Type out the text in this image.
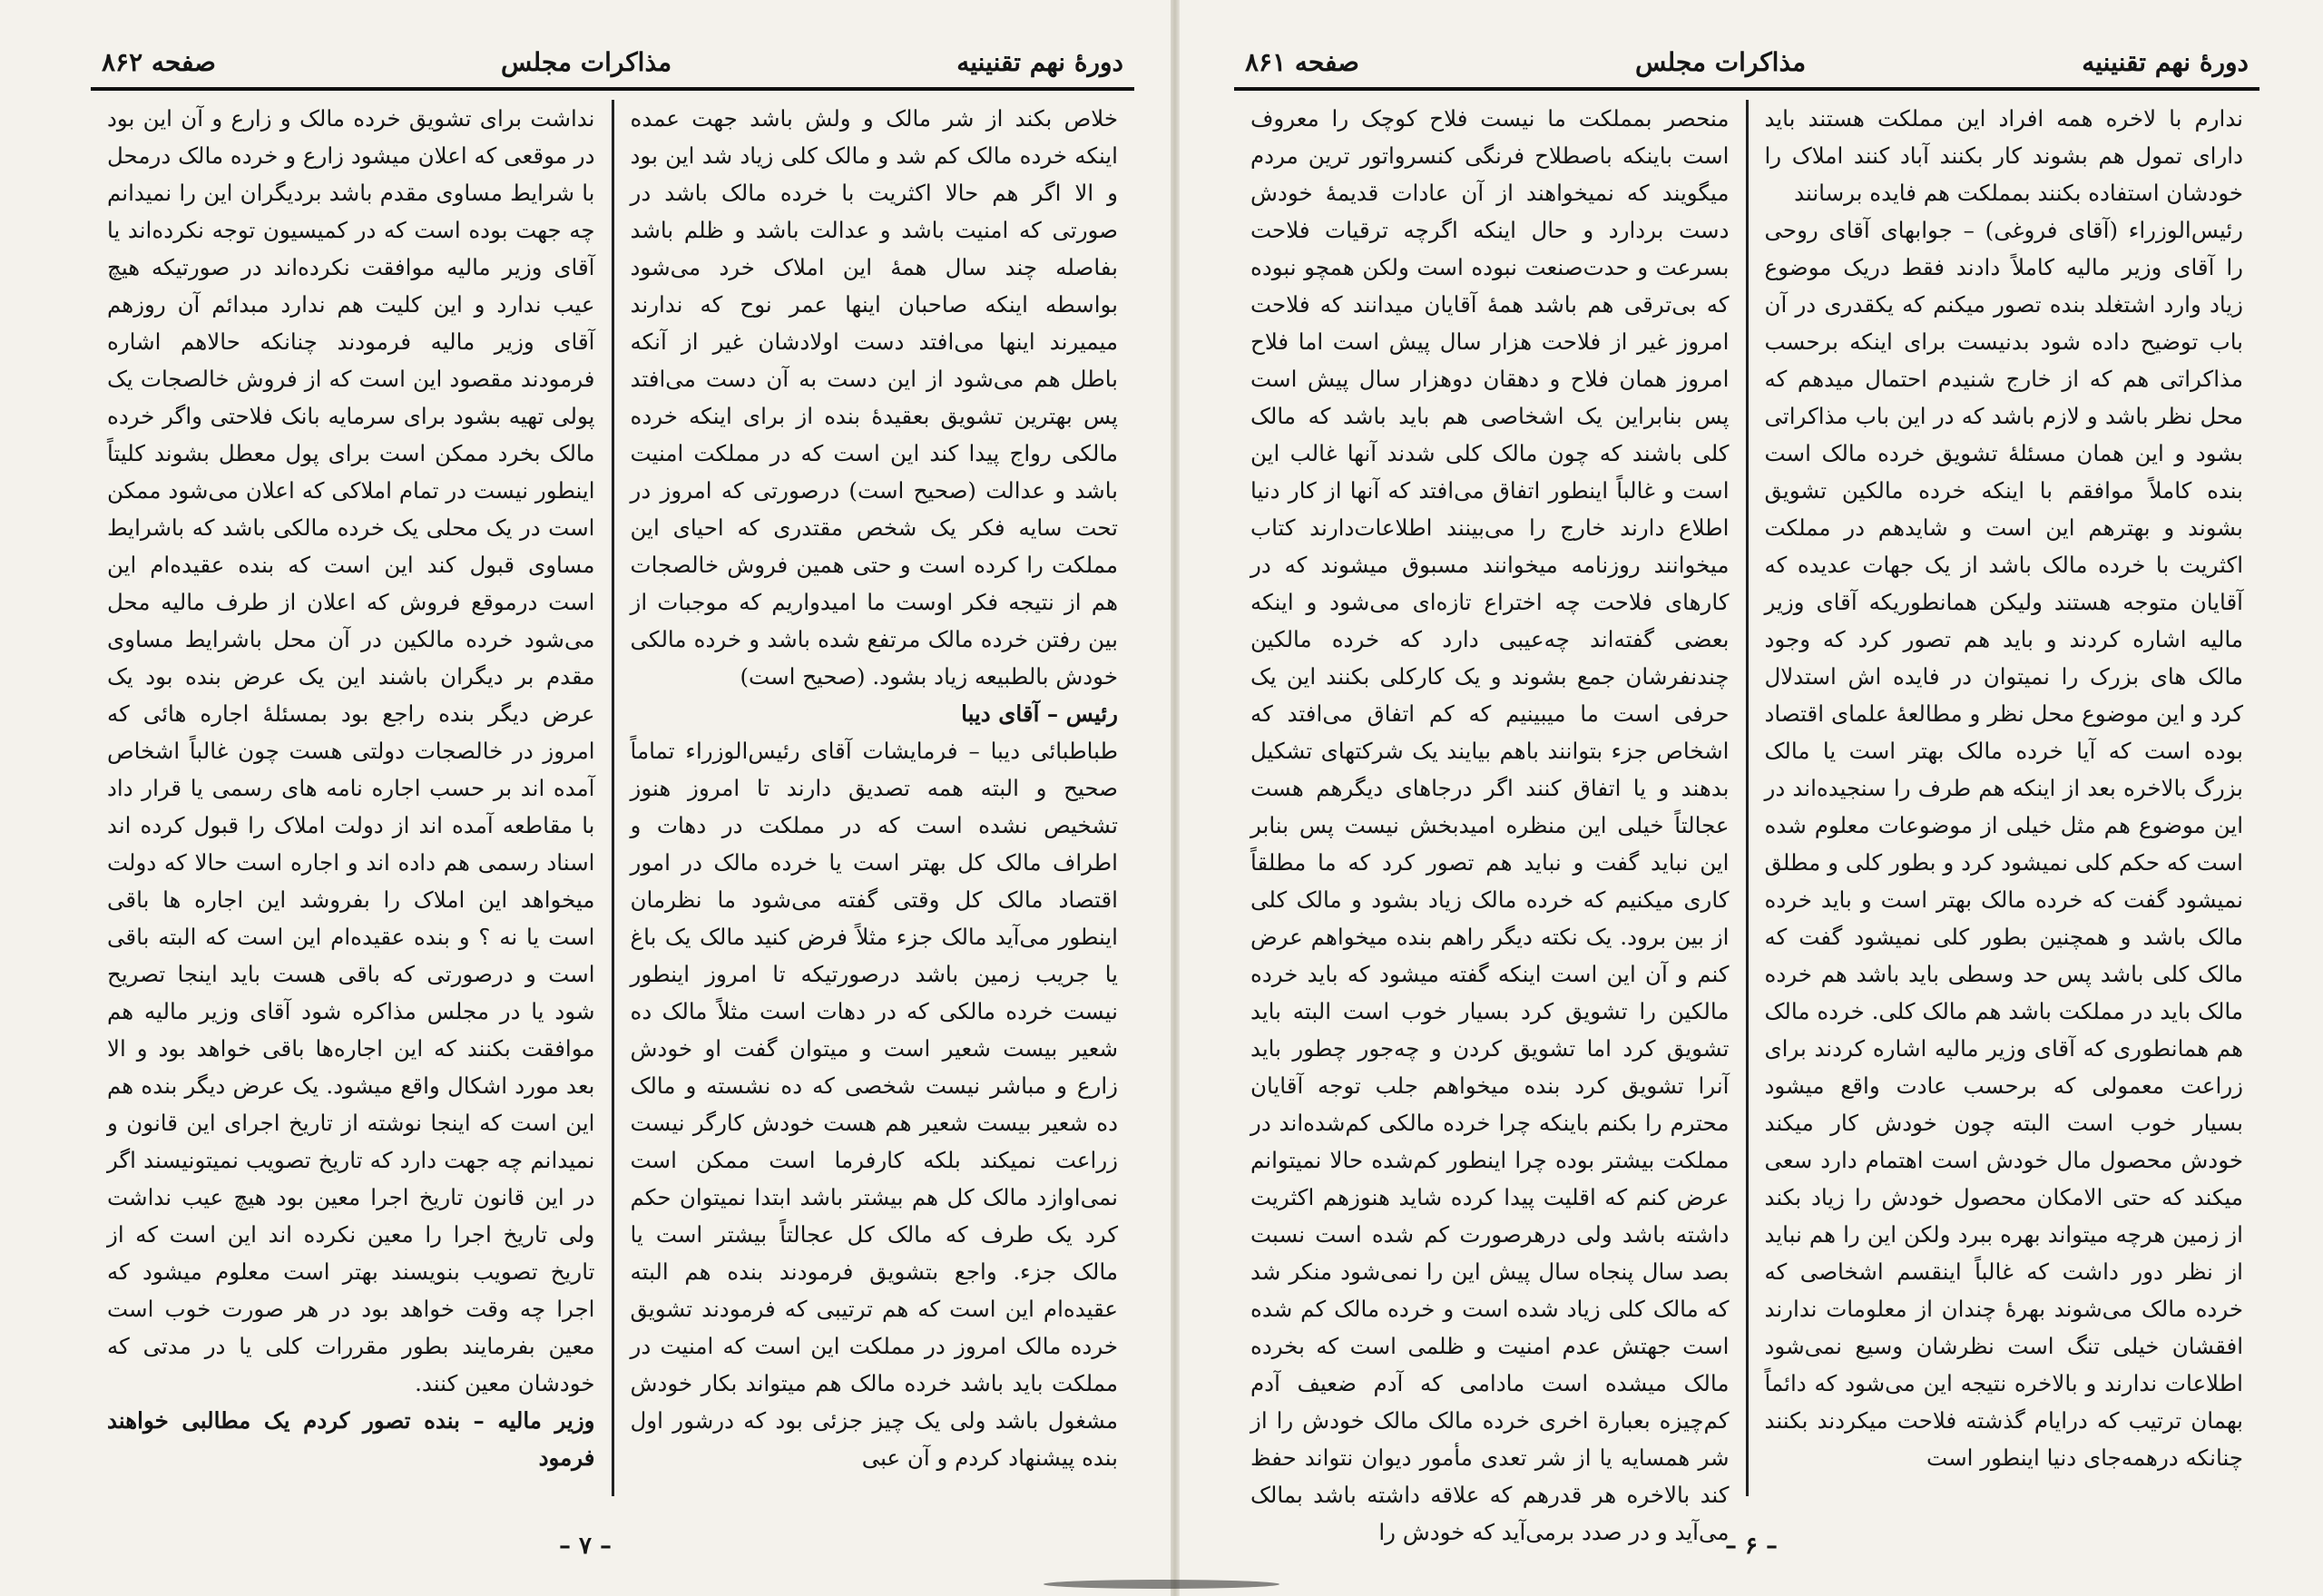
دورهٔ نهم تقنینیه
مذاکرات مجلس
صفحه ۸۶۲

خلاص بکند از شر مالک و ولش باشد جهت عمده اینکه خرده مالک کم شد و مالک کلی زیاد شد این بود و الا اگر هم حالا اکثریت با خرده مالک باشد در صورتی که امنیت باشد و عدالت باشد و ظلم باشد بفاصله چند سال همهٔ این املاک خرد می‌شود بواسطه اینکه صاحبان اینها عمر نوح که ندارند میمیرند اینها می‌افتد دست اولادشان غیر از آنکه باطل هم می‌شود از این دست به آن دست می‌افتد پس بهترین تشویق بعقیدهٔ بنده از برای اینکه خرده مالکی رواج پیدا کند این است که در مملکت امنیت باشد و عدالت (صحیح است) درصورتی که امروز در تحت سایه فکر یک شخص مقتدری که احیای این مملکت را کرده است و حتی همین فروش خالصجات هم از نتیجه فکر اوست ما امیدواریم که موجبات از بین رفتن خرده مالک مرتفع شده باشد و خرده مالکی خودش بالطبیعه زیاد بشود. (صحیح است)

رئیس – آقای دیبا

طباطبائی دیبا – فرمایشات آقای رئیس‌الوزراء تماماً صحیح و البته همه تصدیق دارند تا امروز هنوز تشخیص نشده است که در مملکت در دهات و اطراف مالک کل بهتر است یا خرده مالک در امور اقتصاد مالک کل وقتی گفته می‌شود ما نظرمان اینطور می‌آید مالک جزء مثلاً فرض کنید مالک یک باغ یا جریب زمین باشد درصورتیکه تا امروز اینطور نیست خرده مالکی که در دهات است مثلاً مالک ده شعیر بیست شعیر است و میتوان گفت او خودش زارع و مباشر نیست شخصی که ده نشسته و مالک ده شعیر بیست شعیر هم هست خودش کارگر نیست زراعت نمیکند بلکه کارفرما است ممکن است نمی‌اوازد مالک کل هم بیشتر باشد ابتدا نمیتوان حکم کرد یک طرف که مالک کل عجالتاً بیشتر است یا مالک جزء. واجع بتشویق فرمودند بنده هم البته عقیده‌ام این است که هم ترتیبی که فرمودند تشویق خرده مالک امروز در مملکت این است که امنیت در مملکت باید باشد خرده مالک هم میتواند بکار خودش مشغول باشد ولی یک چیز جزئی بود که درشور اول بنده پیشنهاد کردم و آن عبی

نداشت برای تشویق خرده مالک و زارع و آن این بود در موقعی که اعلان میشود زارع و خرده مالک درمحل با شرایط مساوی مقدم باشد بردیگران این را نمیدانم چه جهت بوده است که در کمیسیون توجه نکرده‌اند یا آقای وزیر مالیه موافقت نکرده‌اند در صورتیکه هیچ عیب ندارد و این کلیت هم ندارد مبدائم آن روزهم آقای وزیر مالیه فرمودند چنانکه حالاهم اشاره فرمودند مقصود این است که از فروش خالصجات یک پولی تهیه بشود برای سرمایه بانک فلاحتی واگر خرده مالک بخرد ممکن است برای پول معطل بشوند کلیتاً اینطور نیست در تمام املاکی که اعلان می‌شود ممکن است در یک محلی یک خرده مالکی باشد که باشرایط مساوی قبول کند این است که بنده عقیده‌ام این است درموقع فروش که اعلان از طرف مالیه محل می‌شود خرده مالکین در آن محل باشرایط مساوی مقدم بر دیگران باشند این یک عرض بنده بود یک عرض دیگر بنده راجع بود بمسئلهٔ اجاره هائی که امروز در خالصجات دولتی هست چون غالباً اشخاص آمده اند بر حسب اجاره نامه های رسمی یا قرار داد با مقاطعه آمده اند از دولت املاک را قبول کرده اند اسناد رسمی هم داده اند و اجاره است حالا که دولت میخواهد این املاک را بفروشد این اجاره ها باقی است یا نه ؟ و بنده عقیده‌ام این است که البته باقی است و درصورتی که باقی هست باید اینجا تصریح شود یا در مجلس مذاکره شود آقای وزیر مالیه هم موافقت بکنند که این اجاره‌ها باقی خواهد بود و الا بعد مورد اشکال واقع میشود. یک عرض دیگر بنده هم این است که اینجا نوشته از تاریخ اجرای این قانون و نمیدانم چه جهت دارد که تاریخ تصویب نمیتونیسند اگر در این قانون تاریخ اجرا معین بود هیچ عیب نداشت ولی تاریخ اجرا را معین نکرده اند این است که از تاریخ تصویب بنویسند بهتر است معلوم میشود که اجرا چه وقت خواهد بود در هر صورت خوب است معین بفرمایند بطور مقررات کلی یا در مدتی که خودشان معین کنند.

وزیر مالیه – بنده تصور کردم یک مطالبی خواهند فرمود

– ۷ –
دورهٔ نهم تقنینیه
مذاکرات مجلس
صفحه ۸۶۱

ندارم با لاخره همه افراد این مملکت هستند باید دارای تمول هم بشوند کار بکنند آباد کنند املاک را خودشان استفاده بکنند بمملکت هم فایده برسانند

رئیس‌الوزراء (آقای فروغی) – جوابهای آقای روحی را آقای وزیر مالیه کاملاً دادند فقط دریک موضوع زیاد وارد اشتغلد بنده تصور میکنم که یکقدری در آن باب توضیح داده شود بدنیست برای اینکه برحسب مذاکراتی هم که از خارج شنیدم احتمال میدهم که محل نظر باشد و لازم باشد که در این باب مذاکراتی بشود و این همان مسئلهٔ تشویق خرده مالک است بنده کاملاً موافقم با اینکه خرده مالکین تشویق بشوند و بهترهم این است و شایدهم در مملکت اکثریت با خرده مالک باشد از یک جهات عدیده که آقایان متوجه هستند ولیکن همانطوریکه آقای وزیر مالیه اشاره کردند و باید هم تصور کرد که وجود مالک های بزرک را نمیتوان در فایده اش استدلال کرد و این موضوع محل نظر و مطالعهٔ علمای اقتصاد بوده است که آیا خرده مالک بهتر است یا مالک بزرگ بالاخره بعد از اینکه هم طرف را سنجیده‌اند در این موضوع هم مثل خیلی از موضوعات معلوم شده است که حکم کلی نمیشود کرد و بطور کلی و مطلق نمیشود گفت که خرده مالک بهتر است و باید خرده مالک باشد و همچنین بطور کلی نمیشود گفت که مالک کلی باشد پس حد وسطی باید باشد هم خرده مالک باید در مملکت باشد هم مالک کلی. خرده مالک هم همانطوری که آقای وزیر مالیه اشاره کردند برای زراعت معمولی که برحسب عادت واقع میشود بسیار خوب است البته چون خودش کار میکند خودش محصول مال خودش است اهتمام دارد سعی میکند که حتی الامکان محصول خودش را زیاد بکند از زمین هرچه میتواند بهره ببرد ولکن این را هم نباید از نظر دور داشت که غالباً اینقسم اشخاصی که خرده مالک می‌شوند بهرهٔ چندان از معلومات ندارند افقشان خیلی تنگ است نظرشان وسیع نمی‌شود اطلاعات ندارند و بالاخره نتیجه این می‌شود که دائماً بهمان ترتیب که درایام گذشته فلاحت میکردند بکنند چنانکه درهمه‌جای دنیا اینطور است

منحصر بمملکت ما نیست فلاح کوچک را معروف است باینکه باصطلاح فرنگی کنسرواتور ترین مردم میگویند که نمیخواهند از آن عادات قدیمهٔ خودش دست بردارد و حال اینکه اگرچه ترقیات فلاحت بسرعت و حدت‌صنعت نبوده است ولکن همچو نبوده که بی‌ترقی هم باشد همهٔ آقایان میدانند که فلاحت امروز غیر از فلاحت هزار سال پیش است اما فلاح امروز همان فلاح و دهقان دوهزار سال پیش است پس بنابراین یک اشخاصی هم باید باشد که مالک کلی باشند که چون مالک کلی شدند آنها غالب این است و غالباً اینطور اتفاق می‌افتد که آنها از کار دنیا اطلاع دارند خارج را می‌بینند اطلاعات‌دارند کتاب میخوانند روزنامه میخوانند مسبوق میشوند که در کارهای فلاحت چه اختراع تازه‌ای می‌شود و اینکه بعضی گفته‌اند چه‌عیبی دارد که خرده مالکین چندنفرشان جمع بشوند و یک کارکلی بکنند این یک حرفی است ما میبینیم که کم اتفاق می‌افتد که اشخاص جزء بتوانند باهم بیایند یک شرکتهای تشکیل بدهند و یا اتفاق کنند اگر درجاهای دیگرهم هست عجالتاً خیلی این منظره امیدبخش نیست پس بنابر این نباید گفت و نباید هم تصور کرد که ما مطلقاً کاری میکنیم که خرده مالک زیاد بشود و مالک کلی از بین برود. یک نکته دیگر راهم بنده میخواهم عرض کنم و آن این است اینکه گفته میشود که باید خرده مالکین را تشویق کرد بسیار خوب است البته باید تشویق کرد اما تشویق کردن و چه‌جور چطور باید آنرا تشویق کرد بنده میخواهم جلب توجه آقایان محترم را بکنم باینکه چرا خرده مالکی کم‌شده‌اند در مملکت بیشتر بوده چرا اینطور کم‌شده حالا نمیتوانم عرض کنم که اقلیت پیدا کرده شاید هنوزهم اکثریت داشته باشد ولی درهرصورت کم شده است نسبت بصد سال پنجاه سال پیش این را نمی‌شود منکر شد که مالک کلی زیاد شده است و خرده مالک کم شده است جهتش عدم امنیت و ظلمی است که بخرده مالک میشده است مادامی که آدم ضعیف آدم کم‌چیزه بعبارة اخری خرده مالک مالک خودش را از شر همسایه یا از شر تعدی مأمور دیوان نتواند حفظ کند بالاخره هر قدرهم که علاقه داشته باشد بمالک می‌آید و در صدد برمی‌آید که خودش را

– ۶ –
